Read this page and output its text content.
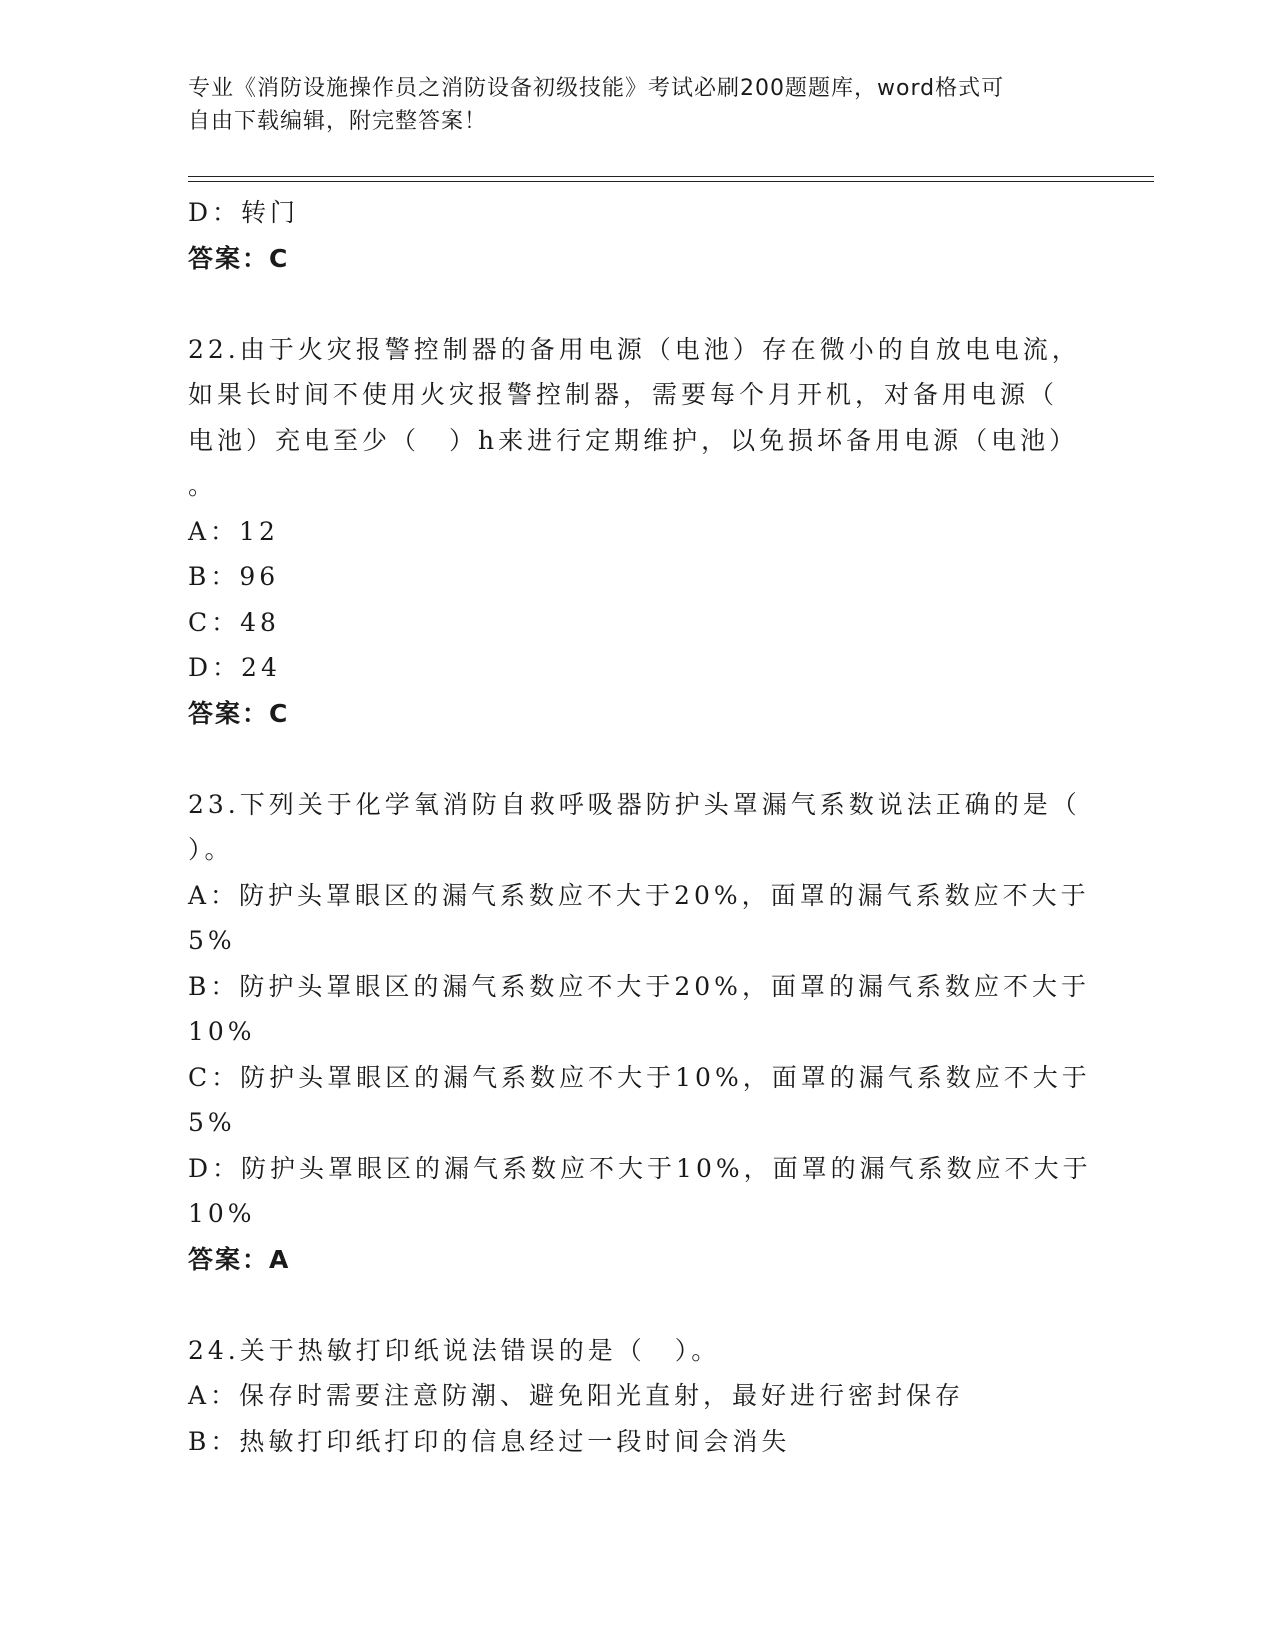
专业《消防设施操作员之消防设备初级技能》考试必刷200题题库，word格式可
自由下载编辑，附完整答案！
D：转门
答案：C
22.由于火灾报警控制器的备用电源（电池）存在微小的自放电电流，
如果长时间不使用火灾报警控制器，需要每个月开机，对备用电源（
电池）充电至少（　）h来进行定期维护，以免损坏备用电源（电池）
。
A：12
B：96
C：48
D：24
答案：C
23.下列关于化学氧消防自救呼吸器防护头罩漏气系数说法正确的是（
）。
A：防护头罩眼区的漏气系数应不大于20%，面罩的漏气系数应不大于
5%
B：防护头罩眼区的漏气系数应不大于20%，面罩的漏气系数应不大于
10%
C：防护头罩眼区的漏气系数应不大于10%，面罩的漏气系数应不大于
5%
D：防护头罩眼区的漏气系数应不大于10%，面罩的漏气系数应不大于
10%
答案：A
24.关于热敏打印纸说法错误的是（　）。
A：保存时需要注意防潮、避免阳光直射，最好进行密封保存
B：热敏打印纸打印的信息经过一段时间会消失
